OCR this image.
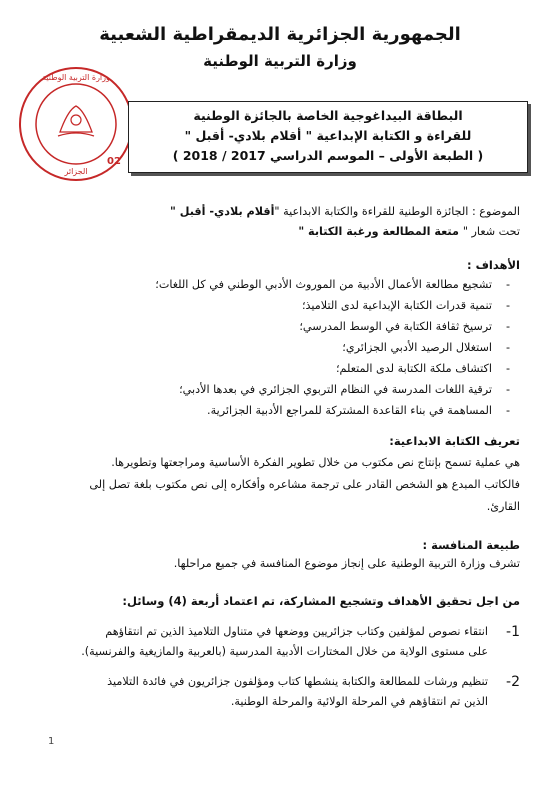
الجمهورية الجزائرية الديمقراطية الشعبية
وزارة التربية الوطنية
وزارة التربية الوطنية
الجزائر
02
البطاقة البيداغوجية الخاصة بالجائزة الوطنية
للقراءة و الكتابة الإبداعية " أقلام بلادي- أقبل "
( الطبعة الأولى – الموسم الدراسي 2017 / 2018 )
الموضوع : الجائزة الوطنية للقراءة والكتابة الابداعية "أقلام بلادي- أقبل "
تحت شعار " متعة المطالعة ورغبة الكتابة "
الأهداف :
- تشجيع مطالعة الأعمال الأدبية من الموروث الأدبي الوطني في كل اللغات؛
- تنمية قدرات الكتابة الإبداعية لدى التلاميذ؛
- ترسيخ ثقافة الكتابة في الوسط المدرسي؛
- استغلال الرصيد الأدبي الجزائري؛
- اكتشاف ملكة الكتابة لدى المتعلم؛
- ترقية اللغات المدرسة في النظام التربوي الجزائري في بعدها الأدبي؛
- المساهمة في بناء القاعدة المشتركة للمراجع الأدبية الجزائرية.
تعريف الكتابة الابداعية:
هي عملية تسمح بإنتاج نص مكتوب من خلال تطوير الفكرة الأساسية ومراجعتها وتطويرها.
فالكاتب المبدع هو الشخص القادر على ترجمة مشاعره وأفكاره إلى نص مكتوب بلغة تصل إلى
القارئ.
طبيعة المنافسة :
تشرف وزارة التربية الوطنية على إنجاز موضوع المنافسة في جميع مراحلها.
من اجل تحقيق الأهداف وتشجيع المشاركة، تم اعتماد أربعة (4) وسائل:
1-
انتقاء نصوص لمؤلفين وكتاب جزائريين ووضعها في متناول التلاميذ الذين تم انتقاؤهم
على مستوى الولاية من خلال المختارات الأدبية المدرسية (بالعربية والمازيغية والفرنسية).
2-
تنظيم ورشات للمطالعة والكتابة ينشطها كتاب ومؤلفون جزائريون في فائدة التلاميذ
الذين تم انتقاؤهم في المرحلة الولائية والمرحلة الوطنية.
1
